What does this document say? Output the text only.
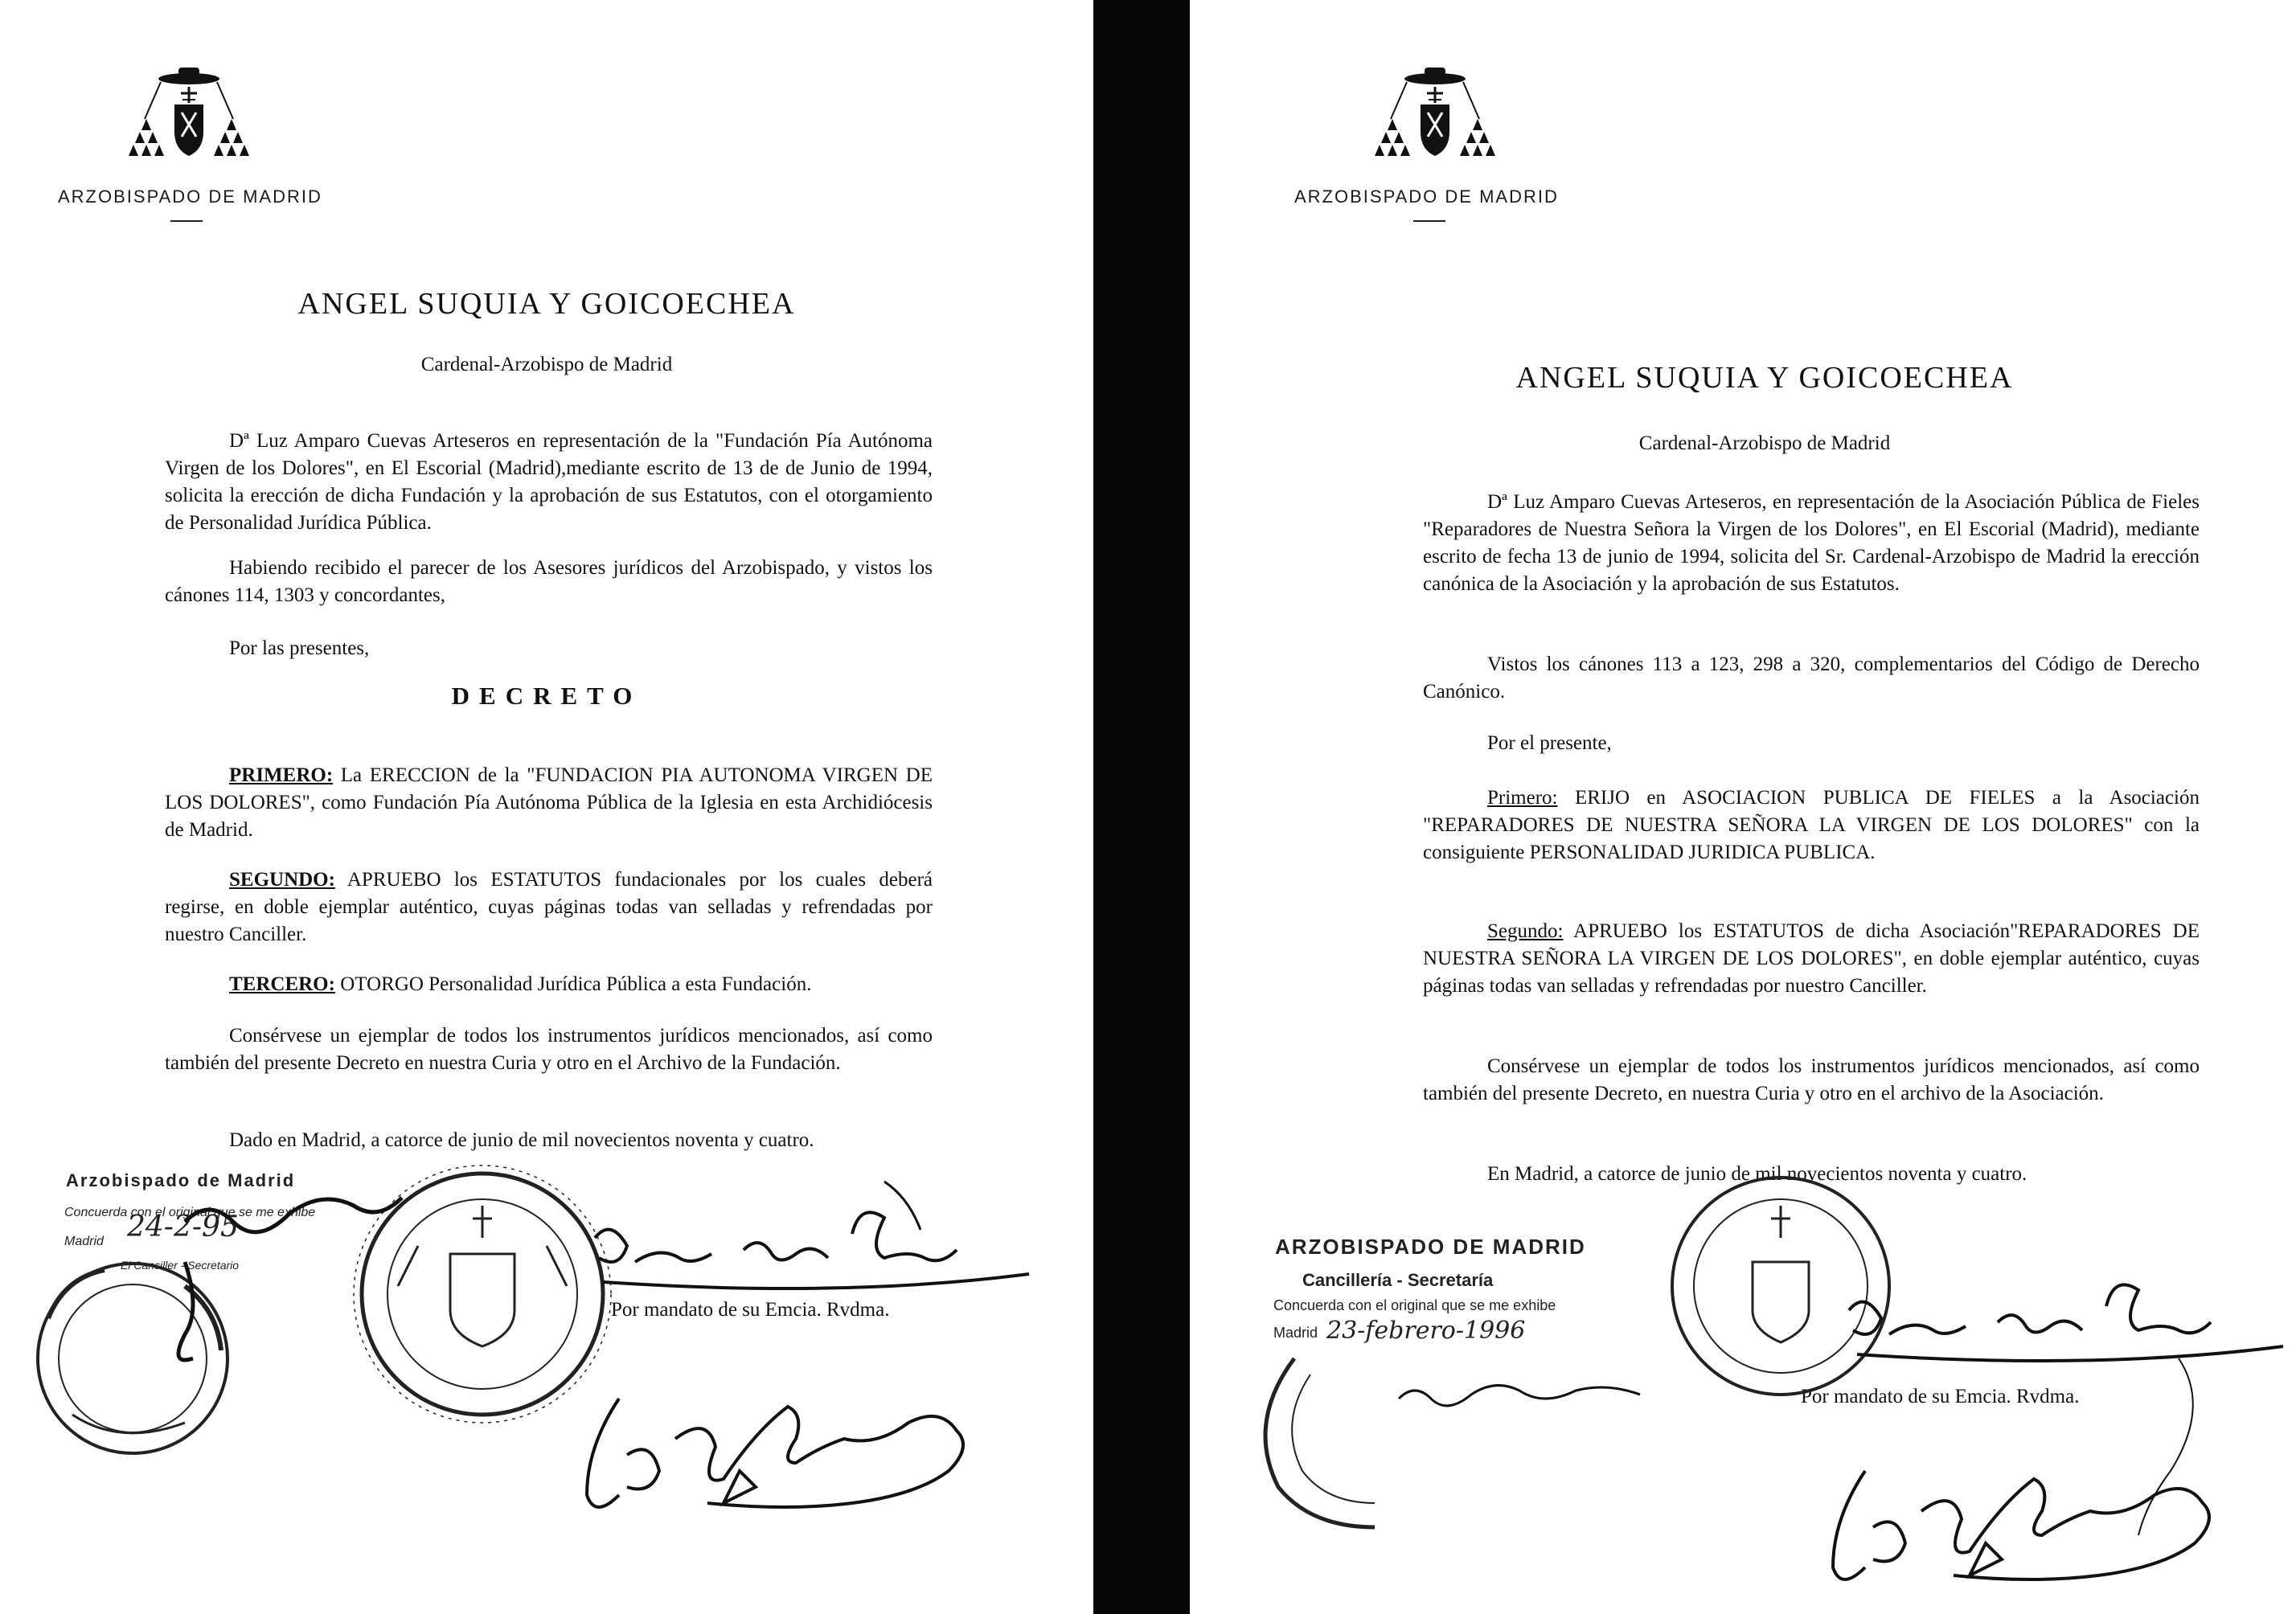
ARZOBISPADO DE MADRID
ANGEL SUQUIA Y GOICOECHEA
Cardenal-Arzobispo de Madrid
Dª Luz Amparo Cuevas Arteseros en representación de la "Fundación Pía Autónoma Virgen de los Dolores", en El Escorial (Madrid),mediante escrito de 13 de de Junio de 1994, solicita la erección de dicha Fundación y la aprobación de sus Estatutos, con el otorgamiento de Personalidad Jurídica Pública.
Habiendo recibido el parecer de los Asesores jurídicos del Arzobispado, y vistos los cánones 114, 1303 y concordantes,
Por las presentes,
DECRETO
PRIMERO: La ERECCION de la "FUNDACION PIA AUTONOMA VIRGEN DE LOS DOLORES", como Fundación Pía Autónoma Pública de la Iglesia en esta Archidiócesis de Madrid.
SEGUNDO: APRUEBO los ESTATUTOS fundacionales por los cuales deberá regirse, en doble ejemplar auténtico, cuyas páginas todas van selladas y refrendadas por nuestro Canciller.
TERCERO: OTORGO Personalidad Jurídica Pública a esta Fundación.
Consérvese un ejemplar de todos los instrumentos jurídicos mencionados, así como también del presente Decreto en nuestra Curia y otro en el Archivo de la Fundación.
Dado en Madrid, a catorce de junio de mil novecientos noventa y cuatro.
Arzobispado de Madrid
Concuerda con el original que se me exhibe
Madrid 24-2-95
El Canciller - Secretario
Por mandato de su Emcia. Rvdma.
ARZOBISPADO DE MADRID
ANGEL SUQUIA Y GOICOECHEA
Cardenal-Arzobispo de Madrid
Dª Luz Amparo Cuevas Arteseros, en representación de la Asociación Pública de Fieles "Reparadores de Nuestra Señora la Virgen de los Dolores", en El Escorial (Madrid), mediante escrito de fecha 13 de junio de 1994, solicita del Sr. Cardenal-Arzobispo de Madrid la erección canónica de la Asociación y la aprobación de sus Estatutos.
Vistos los cánones 113 a 123, 298 a 320, complementarios del Código de Derecho Canónico.
Por el presente,
Primero: ERIJO en ASOCIACION PUBLICA DE FIELES a la Asociación "REPARADORES DE NUESTRA SEÑORA LA VIRGEN DE LOS DOLORES" con la consiguiente PERSONALIDAD JURIDICA PUBLICA.
Segundo: APRUEBO los ESTATUTOS de dicha Asociación"REPARADORES DE NUESTRA SEÑORA LA VIRGEN DE LOS DOLORES", en doble ejemplar auténtico, cuyas páginas todas van selladas y refrendadas por nuestro Canciller.
Consérvese un ejemplar de todos los instrumentos jurídicos mencionados, así como también del presente Decreto, en nuestra Curia y otro en el archivo de la Asociación.
En Madrid, a catorce de junio de mil novecientos noventa y cuatro.
ARZOBISPADO DE MADRID
Cancillería - Secretaría
Concuerda con el original que se me exhibe
Madrid 23-febrero-1996
Por mandato de su Emcia. Rvdma.
